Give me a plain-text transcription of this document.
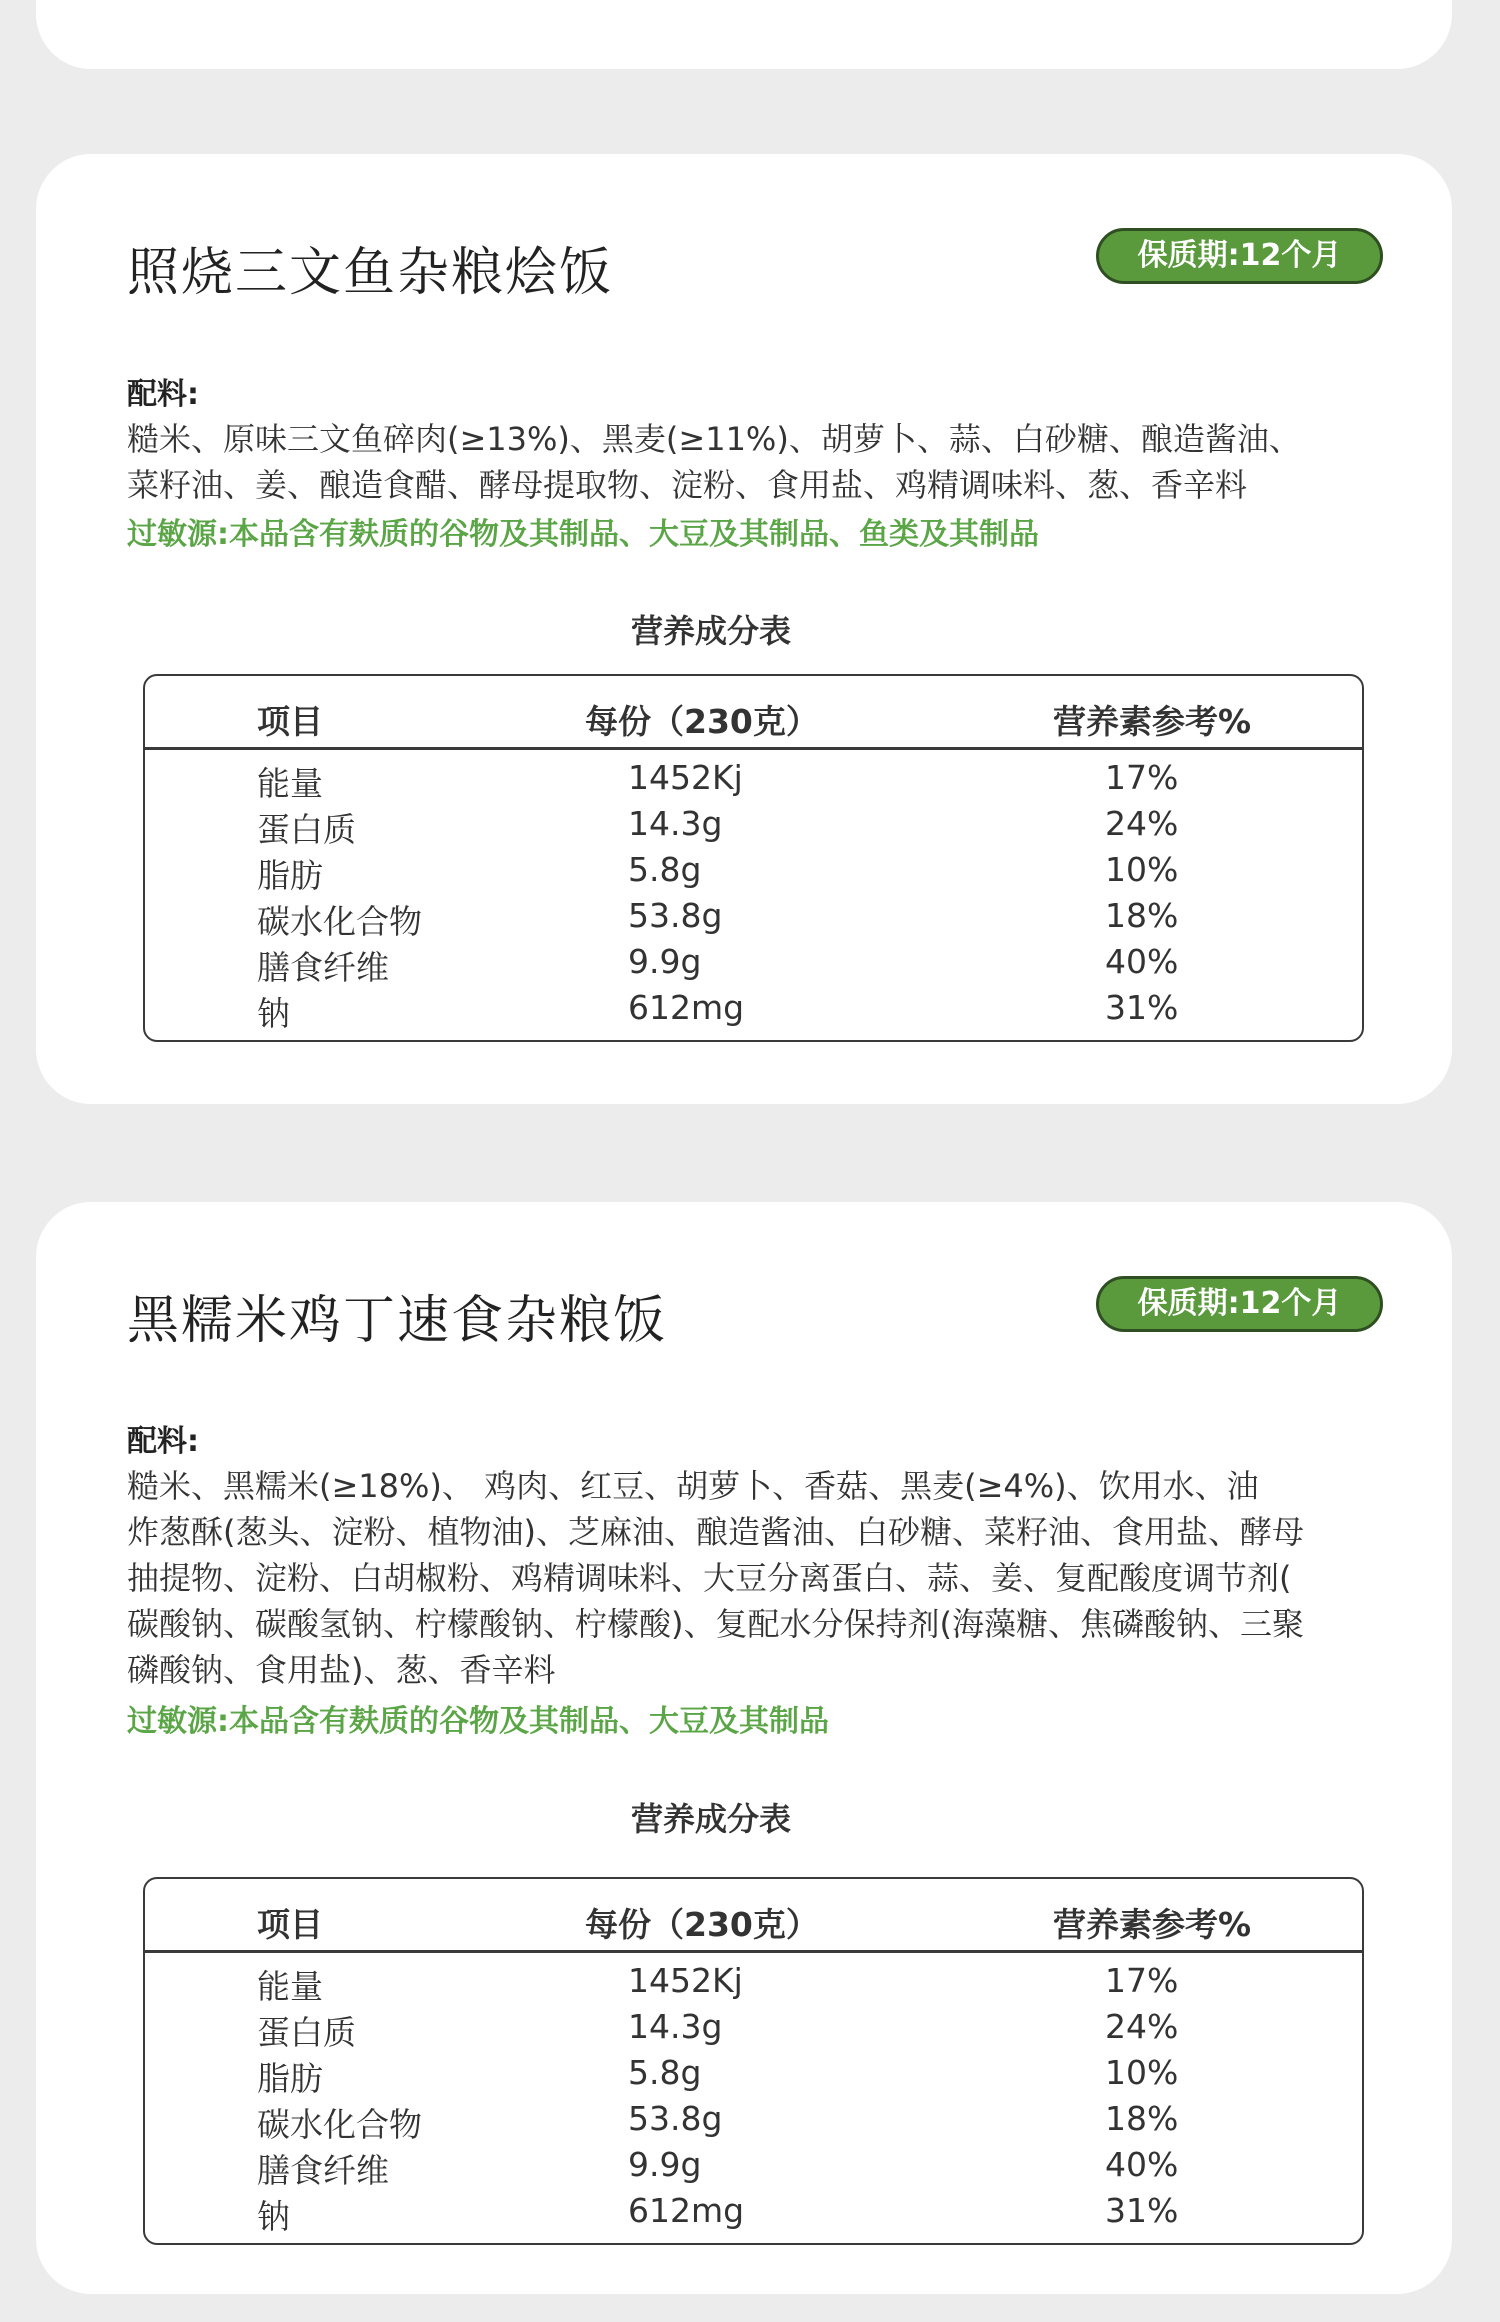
照烧三文鱼杂粮烩饭	保质期:12个月
配料:
糙米、原味三文鱼碎肉(≥13%)、黑麦(≥11%)、胡萝卜、蒜、白砂糖、酿造酱油、
菜籽油、姜、酿造食醋、酵母提取物、淀粉、食用盐、鸡精调味料、葱、香辛料
过敏源:本品含有麸质的谷物及其制品、大豆及其制品、鱼类及其制品
营养成分表
项目	每份（230克）	营养素参考%
能量	1452Kj	17%
蛋白质	14.3g	24%
脂肪	5.8g	10%
碳水化合物	53.8g	18%
膳食纤维	9.9g	40%
钠	612mg	31%
黑糯米鸡丁速食杂粮饭	保质期:12个月
配料:
糙米、黑糯米(≥18%)、 鸡肉、红豆、胡萝卜、香菇、黑麦(≥4%)、饮用水、油
炸葱酥(葱头、淀粉、植物油)、芝麻油、酿造酱油、白砂糖、菜籽油、食用盐、酵母
抽提物、淀粉、白胡椒粉、鸡精调味料、大豆分离蛋白、蒜、姜、复配酸度调节剂(
碳酸钠、碳酸氢钠、柠檬酸钠、柠檬酸)、复配水分保持剂(海藻糖、焦磷酸钠、三聚
磷酸钠、食用盐)、葱、香辛料
过敏源:本品含有麸质的谷物及其制品、大豆及其制品
营养成分表
项目	每份（230克）	营养素参考%
能量	1452Kj	17%
蛋白质	14.3g	24%
脂肪	5.8g	10%
碳水化合物	53.8g	18%
膳食纤维	9.9g	40%
钠	612mg	31%
